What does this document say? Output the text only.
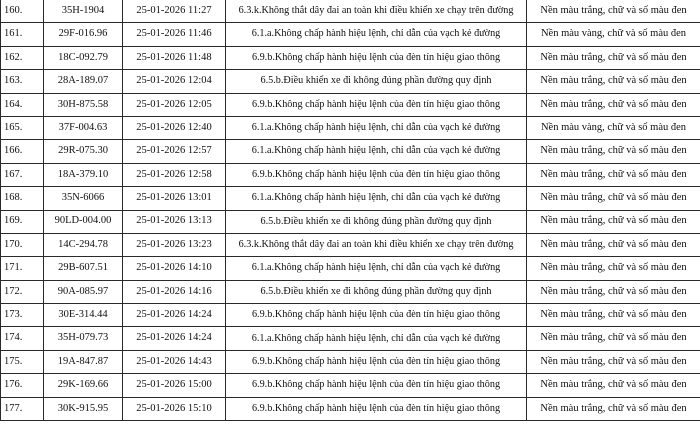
160.	35H-1904	25-01-2026 11:27	6.3.k.Không thắt dây đai an toàn khi điều khiển xe chạy trên đường	Nền màu trắng, chữ và số màu đen
161.	29F-016.96	25-01-2026 11:46	6.1.a.Không chấp hành hiệu lệnh, chỉ dẫn của vạch kẻ đường	Nền màu vàng, chữ và số màu đen
162.	18C-092.79	25-01-2026 11:48	6.9.b.Không chấp hành hiệu lệnh của đèn tín hiệu giao thông	Nền màu trắng, chữ và số màu đen
163.	28A-189.07	25-01-2026 12:04	6.5.b.Điều khiển xe đi không đúng phần đường quy định	Nền màu trắng, chữ và số màu đen
164.	30H-875.58	25-01-2026 12:05	6.9.b.Không chấp hành hiệu lệnh của đèn tín hiệu giao thông	Nền màu trắng, chữ và số màu đen
165.	37F-004.63	25-01-2026 12:40	6.1.a.Không chấp hành hiệu lệnh, chỉ dẫn của vạch kẻ đường	Nền màu vàng, chữ và số màu đen
166.	29R-075.30	25-01-2026 12:57	6.1.a.Không chấp hành hiệu lệnh, chỉ dẫn của vạch kẻ đường	Nền màu trắng, chữ và số màu đen
167.	18A-379.10	25-01-2026 12:58	6.9.b.Không chấp hành hiệu lệnh của đèn tín hiệu giao thông	Nền màu trắng, chữ và số màu đen
168.	35N-6066	25-01-2026 13:01	6.1.a.Không chấp hành hiệu lệnh, chỉ dẫn của vạch kẻ đường	Nền màu trắng, chữ và số màu đen
169.	90LD-004.00	25-01-2026 13:13	6.5.b.Điều khiển xe đi không đúng phần đường quy định	Nền màu trắng, chữ và số màu đen
170.	14C-294.78	25-01-2026 13:23	6.3.k.Không thắt dây đai an toàn khi điều khiển xe chạy trên đường	Nền màu trắng, chữ và số màu đen
171.	29B-607.51	25-01-2026 14:10	6.1.a.Không chấp hành hiệu lệnh, chỉ dẫn của vạch kẻ đường	Nền màu trắng, chữ và số màu đen
172.	90A-085.97	25-01-2026 14:16	6.5.b.Điều khiển xe đi không đúng phần đường quy định	Nền màu trắng, chữ và số màu đen
173.	30E-314.44	25-01-2026 14:24	6.9.b.Không chấp hành hiệu lệnh của đèn tín hiệu giao thông	Nền màu trắng, chữ và số màu đen
174.	35H-079.73	25-01-2026 14:24	6.1.a.Không chấp hành hiệu lệnh, chỉ dẫn của vạch kẻ đường	Nền màu trắng, chữ và số màu đen
175.	19A-847.87	25-01-2026 14:43	6.9.b.Không chấp hành hiệu lệnh của đèn tín hiệu giao thông	Nền màu trắng, chữ và số màu đen
176.	29K-169.66	25-01-2026 15:00	6.9.b.Không chấp hành hiệu lệnh của đèn tín hiệu giao thông	Nền màu trắng, chữ và số màu đen
177.	30K-915.95	25-01-2026 15:10	6.9.b.Không chấp hành hiệu lệnh của đèn tín hiệu giao thông	Nền màu trắng, chữ và số màu đen
